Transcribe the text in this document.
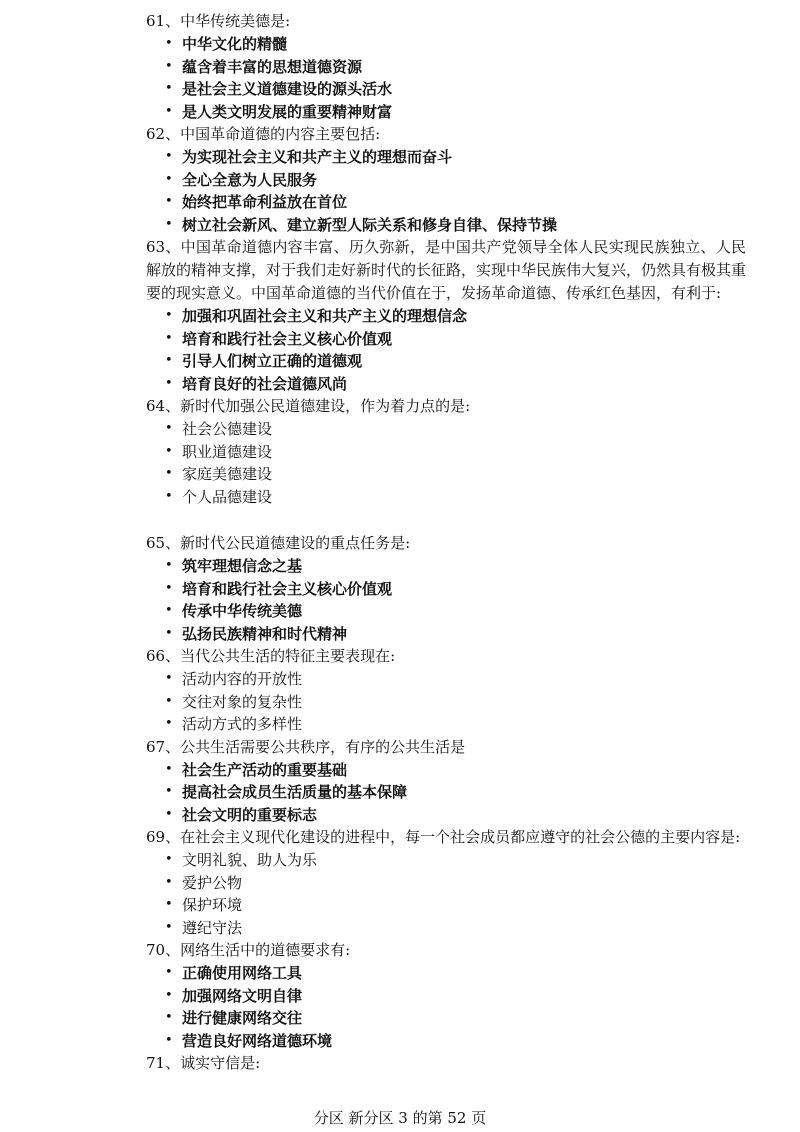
61、中华传统美德是:

• 中华文化的精髓
• 蕴含着丰富的思想道德资源
• 是社会主义道德建设的源头活水
• 是人类文明发展的重要精神财富

62、中国革命道德的内容主要包括:

• 为实现社会主义和共产主义的理想而奋斗
• 全心全意为人民服务
• 始终把革命利益放在首位
• 树立社会新风、建立新型人际关系和修身自律、保持节操

63、中国革命道德内容丰富、历久弥新，是中国共产党领导全体人民实现民族独立、人民解放的精神支撑，对于我们走好新时代的长征路，实现中华民族伟大复兴，仍然具有极其重要的现实意义。中国革命道德的当代价值在于，发扬革命道德、传承红色基因，有利于:

• 加强和巩固社会主义和共产主义的理想信念
• 培育和践行社会主义核心价值观
• 引导人们树立正确的道德观
• 培育良好的社会道德风尚

64、新时代加强公民道德建设，作为着力点的是:

• 社会公德建设
• 职业道德建设
• 家庭美德建设
• 个人品德建设

65、新时代公民道德建设的重点任务是:

• 筑牢理想信念之基
• 培育和践行社会主义核心价值观
• 传承中华传统美德
• 弘扬民族精神和时代精神

66、当代公共生活的特征主要表现在:

• 活动内容的开放性
• 交往对象的复杂性
• 活动方式的多样性

67、公共生活需要公共秩序，有序的公共生活是

• 社会生产活动的重要基础
• 提高社会成员生活质量的基本保障
• 社会文明的重要标志

69、在社会主义现代化建设的进程中，每一个社会成员都应遵守的社会公德的主要内容是:

• 文明礼貌、助人为乐
• 爱护公物
• 保护环境
• 遵纪守法

70、网络生活中的道德要求有:

• 正确使用网络工具
• 加强网络文明自律
• 进行健康网络交往
• 营造良好网络道德环境

71、诚实守信是:

分区 新分区 3 的第 52 页
